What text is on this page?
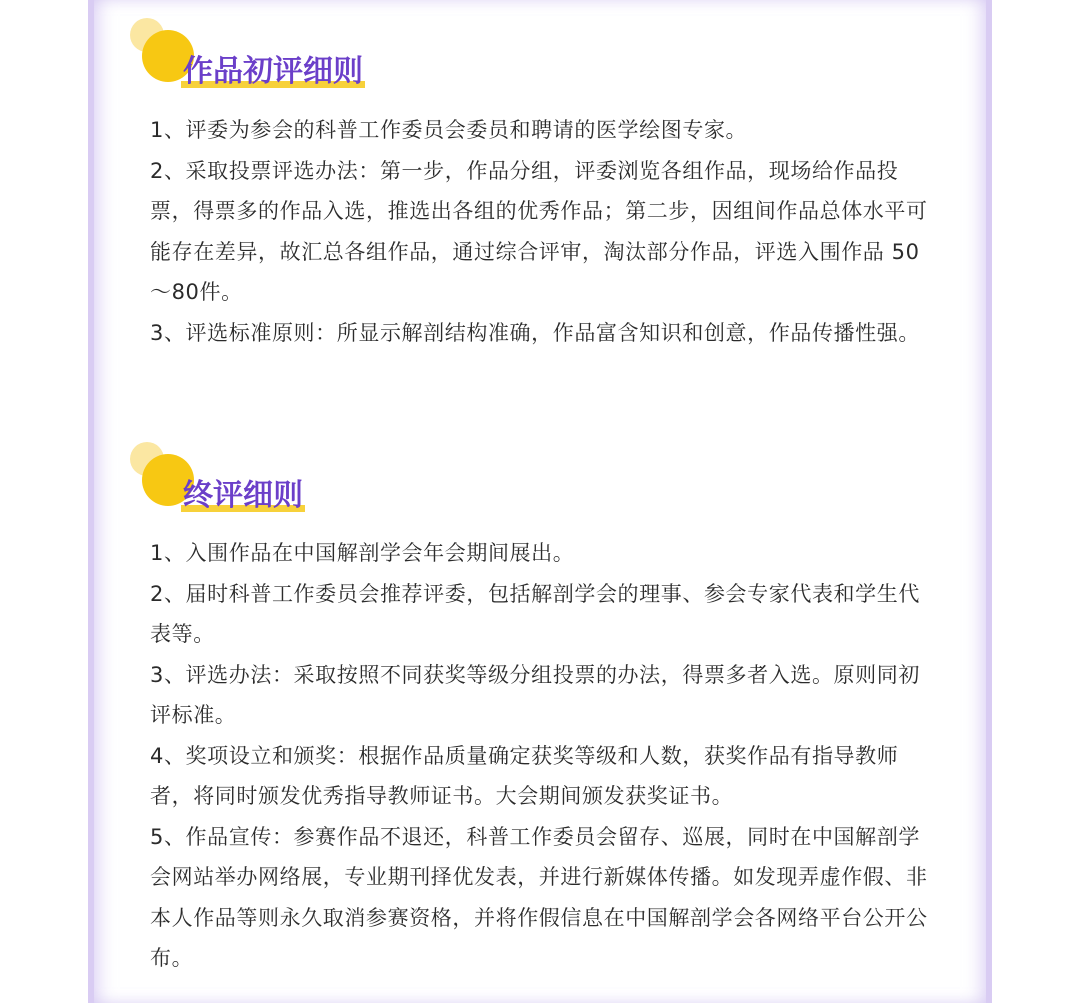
作品初评细则
1、评委为参会的科普工作委员会委员和聘请的医学绘图专家。
2、采取投票评选办法：第一步，作品分组，评委浏览各组作品，现场给作品投票，得票多的作品入选，推选出各组的优秀作品；第二步，因组间作品总体水平可能存在差异，故汇总各组作品，通过综合评审，淘汰部分作品，评选入围作品 50～80件。
3、评选标准原则：所显示解剖结构准确，作品富含知识和创意，作品传播性强。
终评细则
1、入围作品在中国解剖学会年会期间展出。
2、届时科普工作委员会推荐评委，包括解剖学会的理事、参会专家代表和学生代表等。
3、评选办法：采取按照不同获奖等级分组投票的办法，得票多者入选。原则同初评标准。
4、奖项设立和颁奖：根据作品质量确定获奖等级和人数，获奖作品有指导教师者，将同时颁发优秀指导教师证书。大会期间颁发获奖证书。
5、作品宣传：参赛作品不退还，科普工作委员会留存、巡展，同时在中国解剖学会网站举办网络展，专业期刊择优发表，并进行新媒体传播。如发现弄虚作假、非本人作品等则永久取消参赛资格，并将作假信息在中国解剖学会各网络平台公开公布。
